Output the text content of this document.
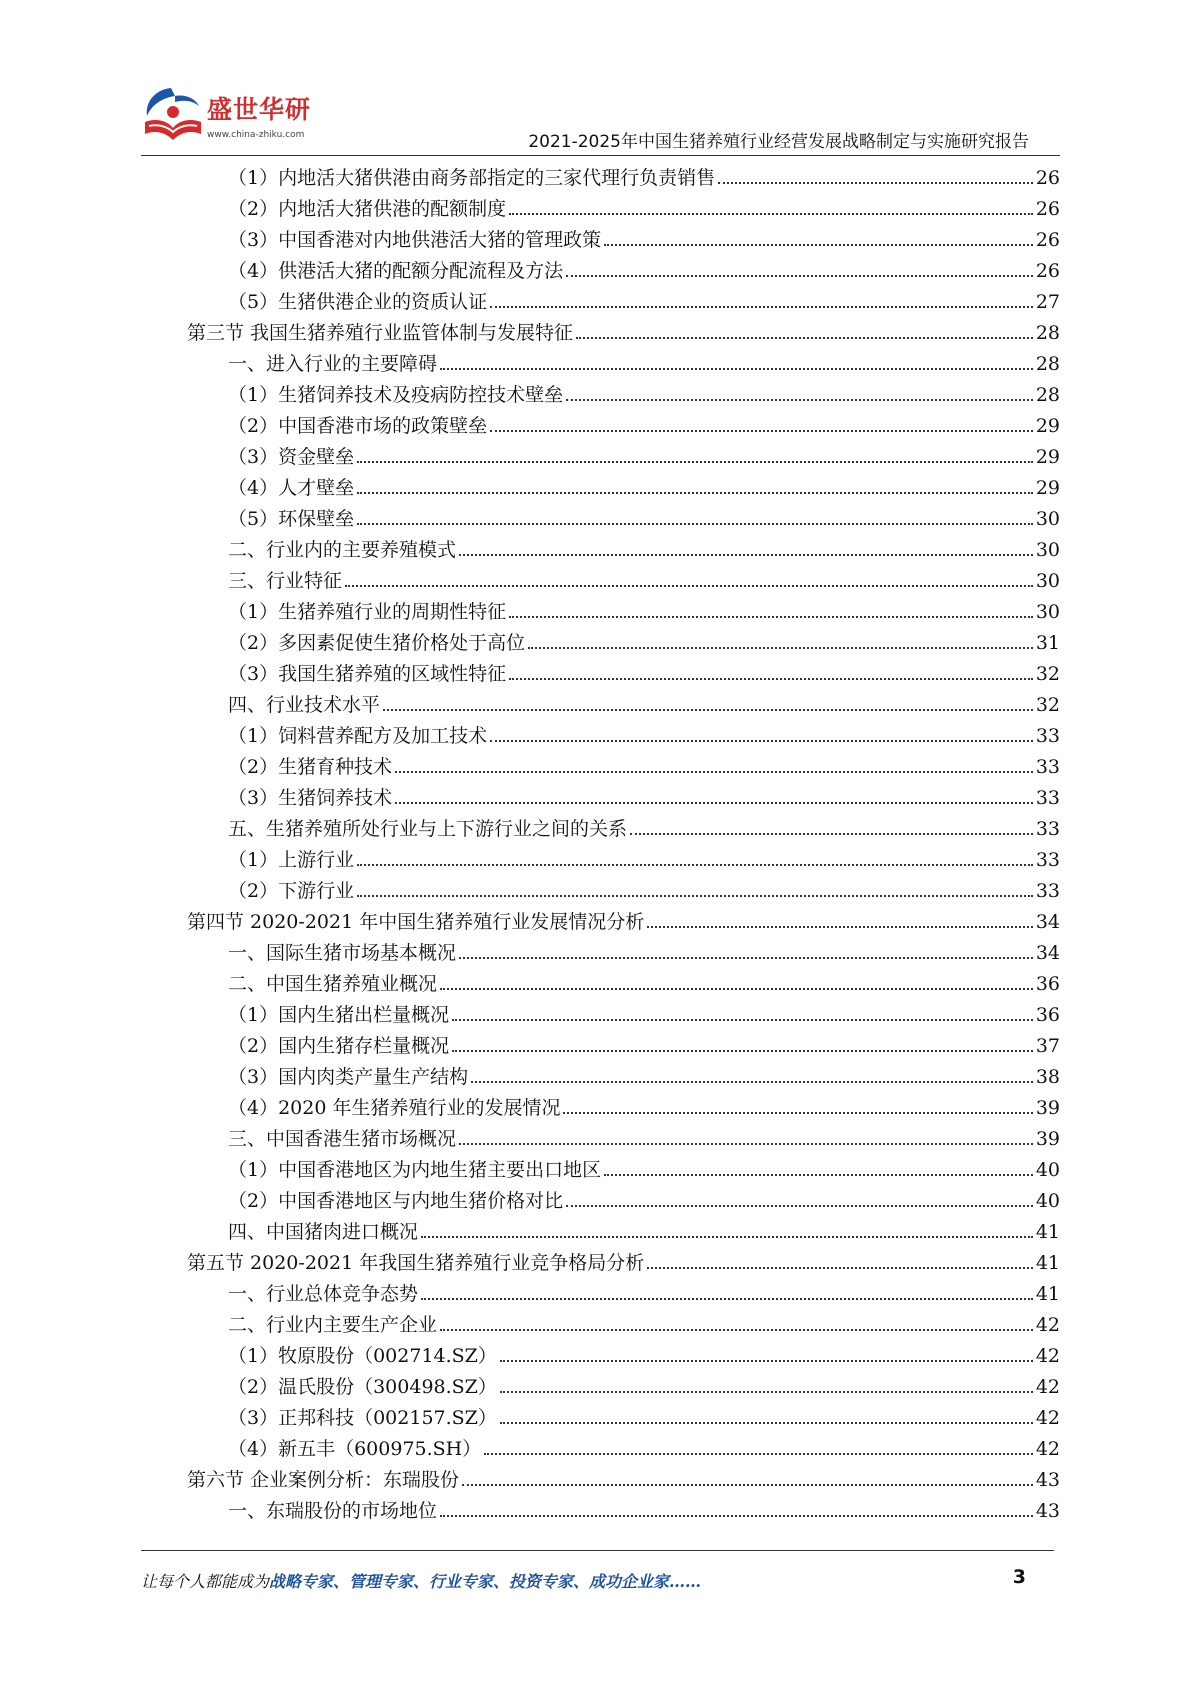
盛世华研
www.china-zhiku.com	2021-2025年中国生猪养殖行业经营发展战略制定与实施研究报告
（1）内地活大猪供港由商务部指定的三家代理行负责销售	26
（2）内地活大猪供港的配额制度	26
（3）中国香港对内地供港活大猪的管理政策	26
（4）供港活大猪的配额分配流程及方法	26
（5）生猪供港企业的资质认证	27
第三节 我国生猪养殖行业监管体制与发展特征	28
一、进入行业的主要障碍	28
（1）生猪饲养技术及疫病防控技术壁垒	28
（2）中国香港市场的政策壁垒	29
（3）资金壁垒	29
（4）人才壁垒	29
（5）环保壁垒	30
二、行业内的主要养殖模式	30
三、行业特征	30
（1）生猪养殖行业的周期性特征	30
（2）多因素促使生猪价格处于高位	31
（3）我国生猪养殖的区域性特征	32
四、行业技术水平	32
（1）饲料营养配方及加工技术	33
（2）生猪育种技术	33
（3）生猪饲养技术	33
五、生猪养殖所处行业与上下游行业之间的关系	33
（1）上游行业	33
（2）下游行业	33
第四节 2020-2021 年中国生猪养殖行业发展情况分析	34
一、国际生猪市场基本概况	34
二、中国生猪养殖业概况	36
（1）国内生猪出栏量概况	36
（2）国内生猪存栏量概况	37
（3）国内肉类产量生产结构	38
（4）2020 年生猪养殖行业的发展情况	39
三、中国香港生猪市场概况	39
（1）中国香港地区为内地生猪主要出口地区	40
（2）中国香港地区与内地生猪价格对比	40
四、中国猪肉进口概况	41
第五节 2020-2021 年我国生猪养殖行业竞争格局分析	41
一、行业总体竞争态势	41
二、行业内主要生产企业	42
（1）牧原股份（002714.SZ）	42
（2）温氏股份（300498.SZ）	42
（3）正邦科技（002157.SZ）	42
（4）新五丰（600975.SH）	42
第六节 企业案例分析：东瑞股份	43
一、东瑞股份的市场地位	43
让每个人都能成为战略专家、管理专家、行业专家、投资专家、成功企业家……	3
